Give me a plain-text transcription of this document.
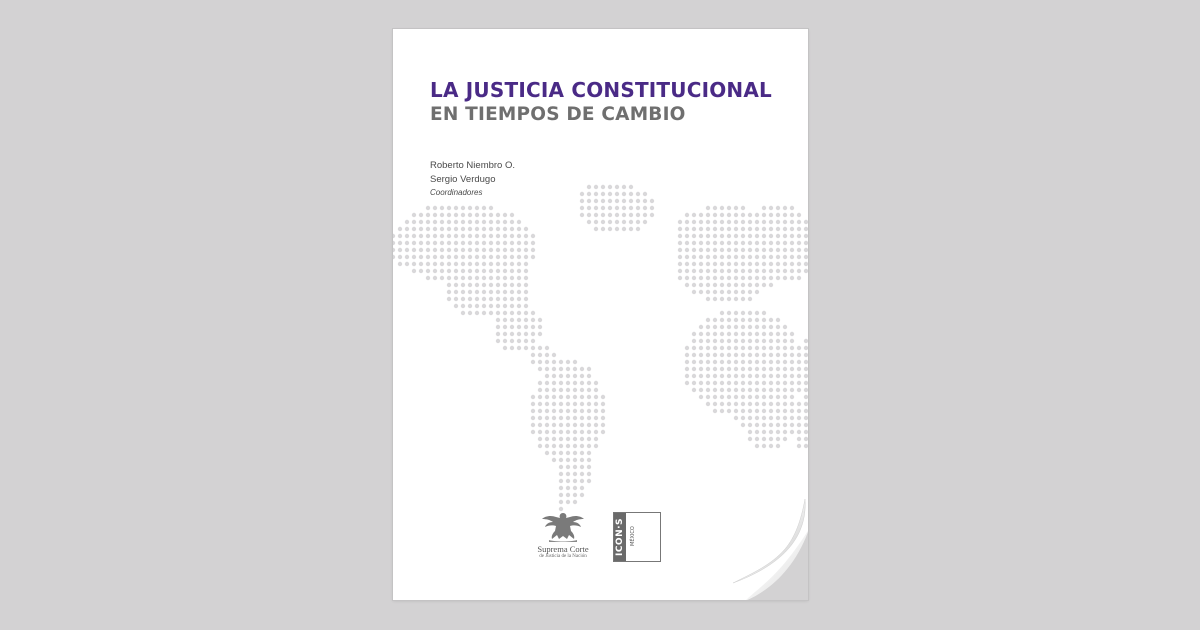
LA JUSTICIA CONSTITUCIONAL
EN TIEMPOS DE CAMBIO
Roberto Niembro O.
Sergio Verdugo
Coordinadores
Suprema Corte
de Justicia de la Nación
ICON·S	MÉXICO
